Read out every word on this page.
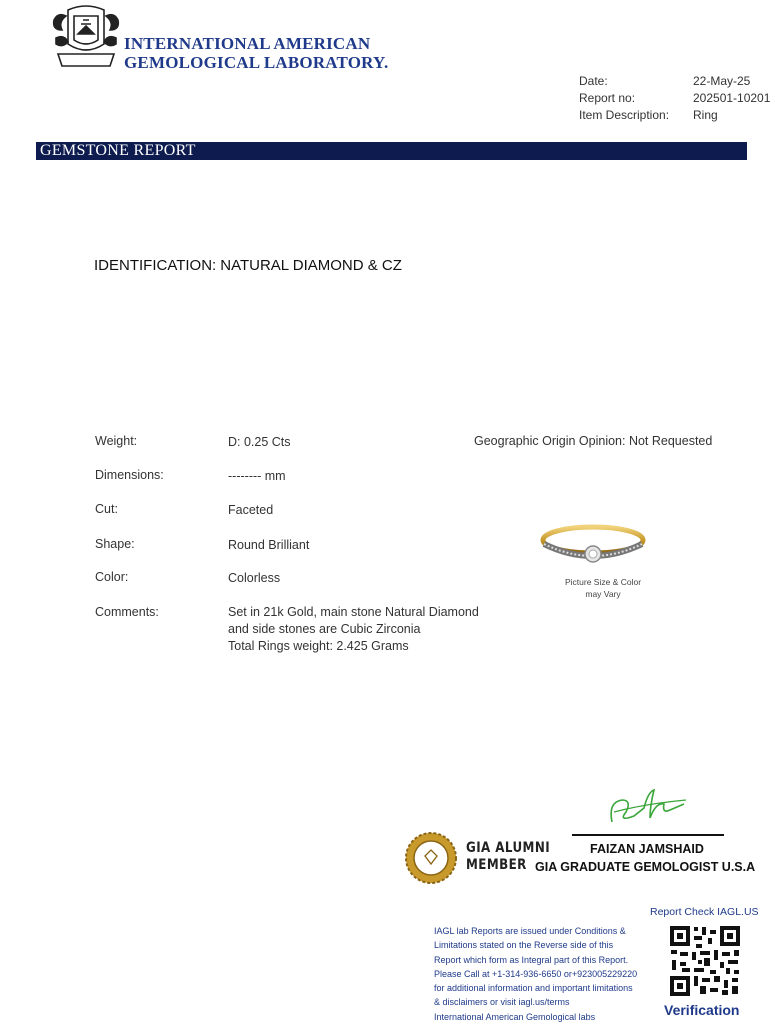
INTERNATIONAL AMERICAN
GEMOLOGICAL LABORATORY.
Date:	22-May-25
Report no:	202501-10201
Item Description: Ring
GEMSTONE REPORT
IDENTIFICATION: NATURAL DIAMOND & CZ
Weight:	D: 0.25 Cts
Dimensions:	-------- mm
Cut:	Faceted
Shape:	Round Brilliant
Color:	Colorless
Comments:	Set in 21k Gold, main stone Natural Diamond
and side stones are Cubic Zirconia
Total Rings weight: 2.425 Grams
Geographic Origin Opinion: Not Requested
Picture Size & Color
may Vary
FAIZAN JAMSHAID
GIA GRADUATE GEMOLOGIST U.S.A
GIA ALUMNI
MEMBER
Report Check IAGL.US
IAGL lab Reports are issued under Conditions &
Limitations stated on the Reverse side of this
Report which form as Integral part of this Report.
Please Call at +1-314-936-6650 or+923005229220
for additional information and important limitations
& disclaimers or visit iagl.us/terms
International American Gemological labs	Verification
